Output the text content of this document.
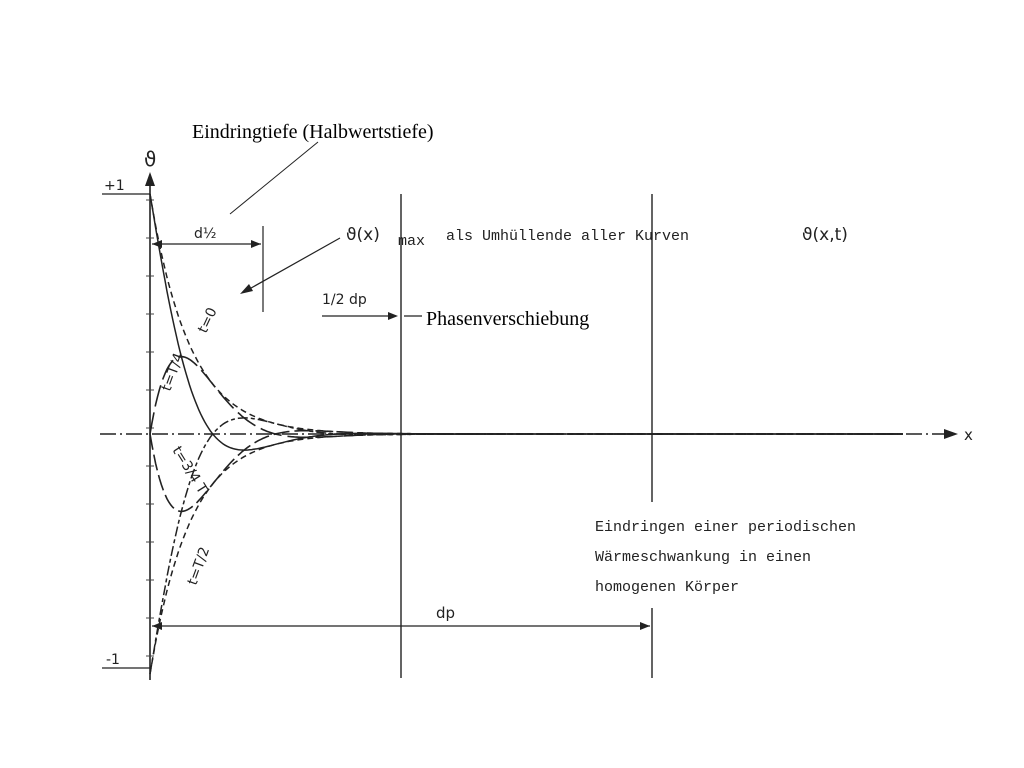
ϑ
x
+1
-1
d½
dp
1/2 dp
Eindringtiefe (Halbwertstiefe)
Phasenverschiebung
ϑ(x) max als Umhüllende aller Kurven	ϑ(x,t)
t=0
t=T/4
t=3/4 T
t=T/2
Eindringen einer periodischen
Wärmeschwankung in einen
homogenen Körper
